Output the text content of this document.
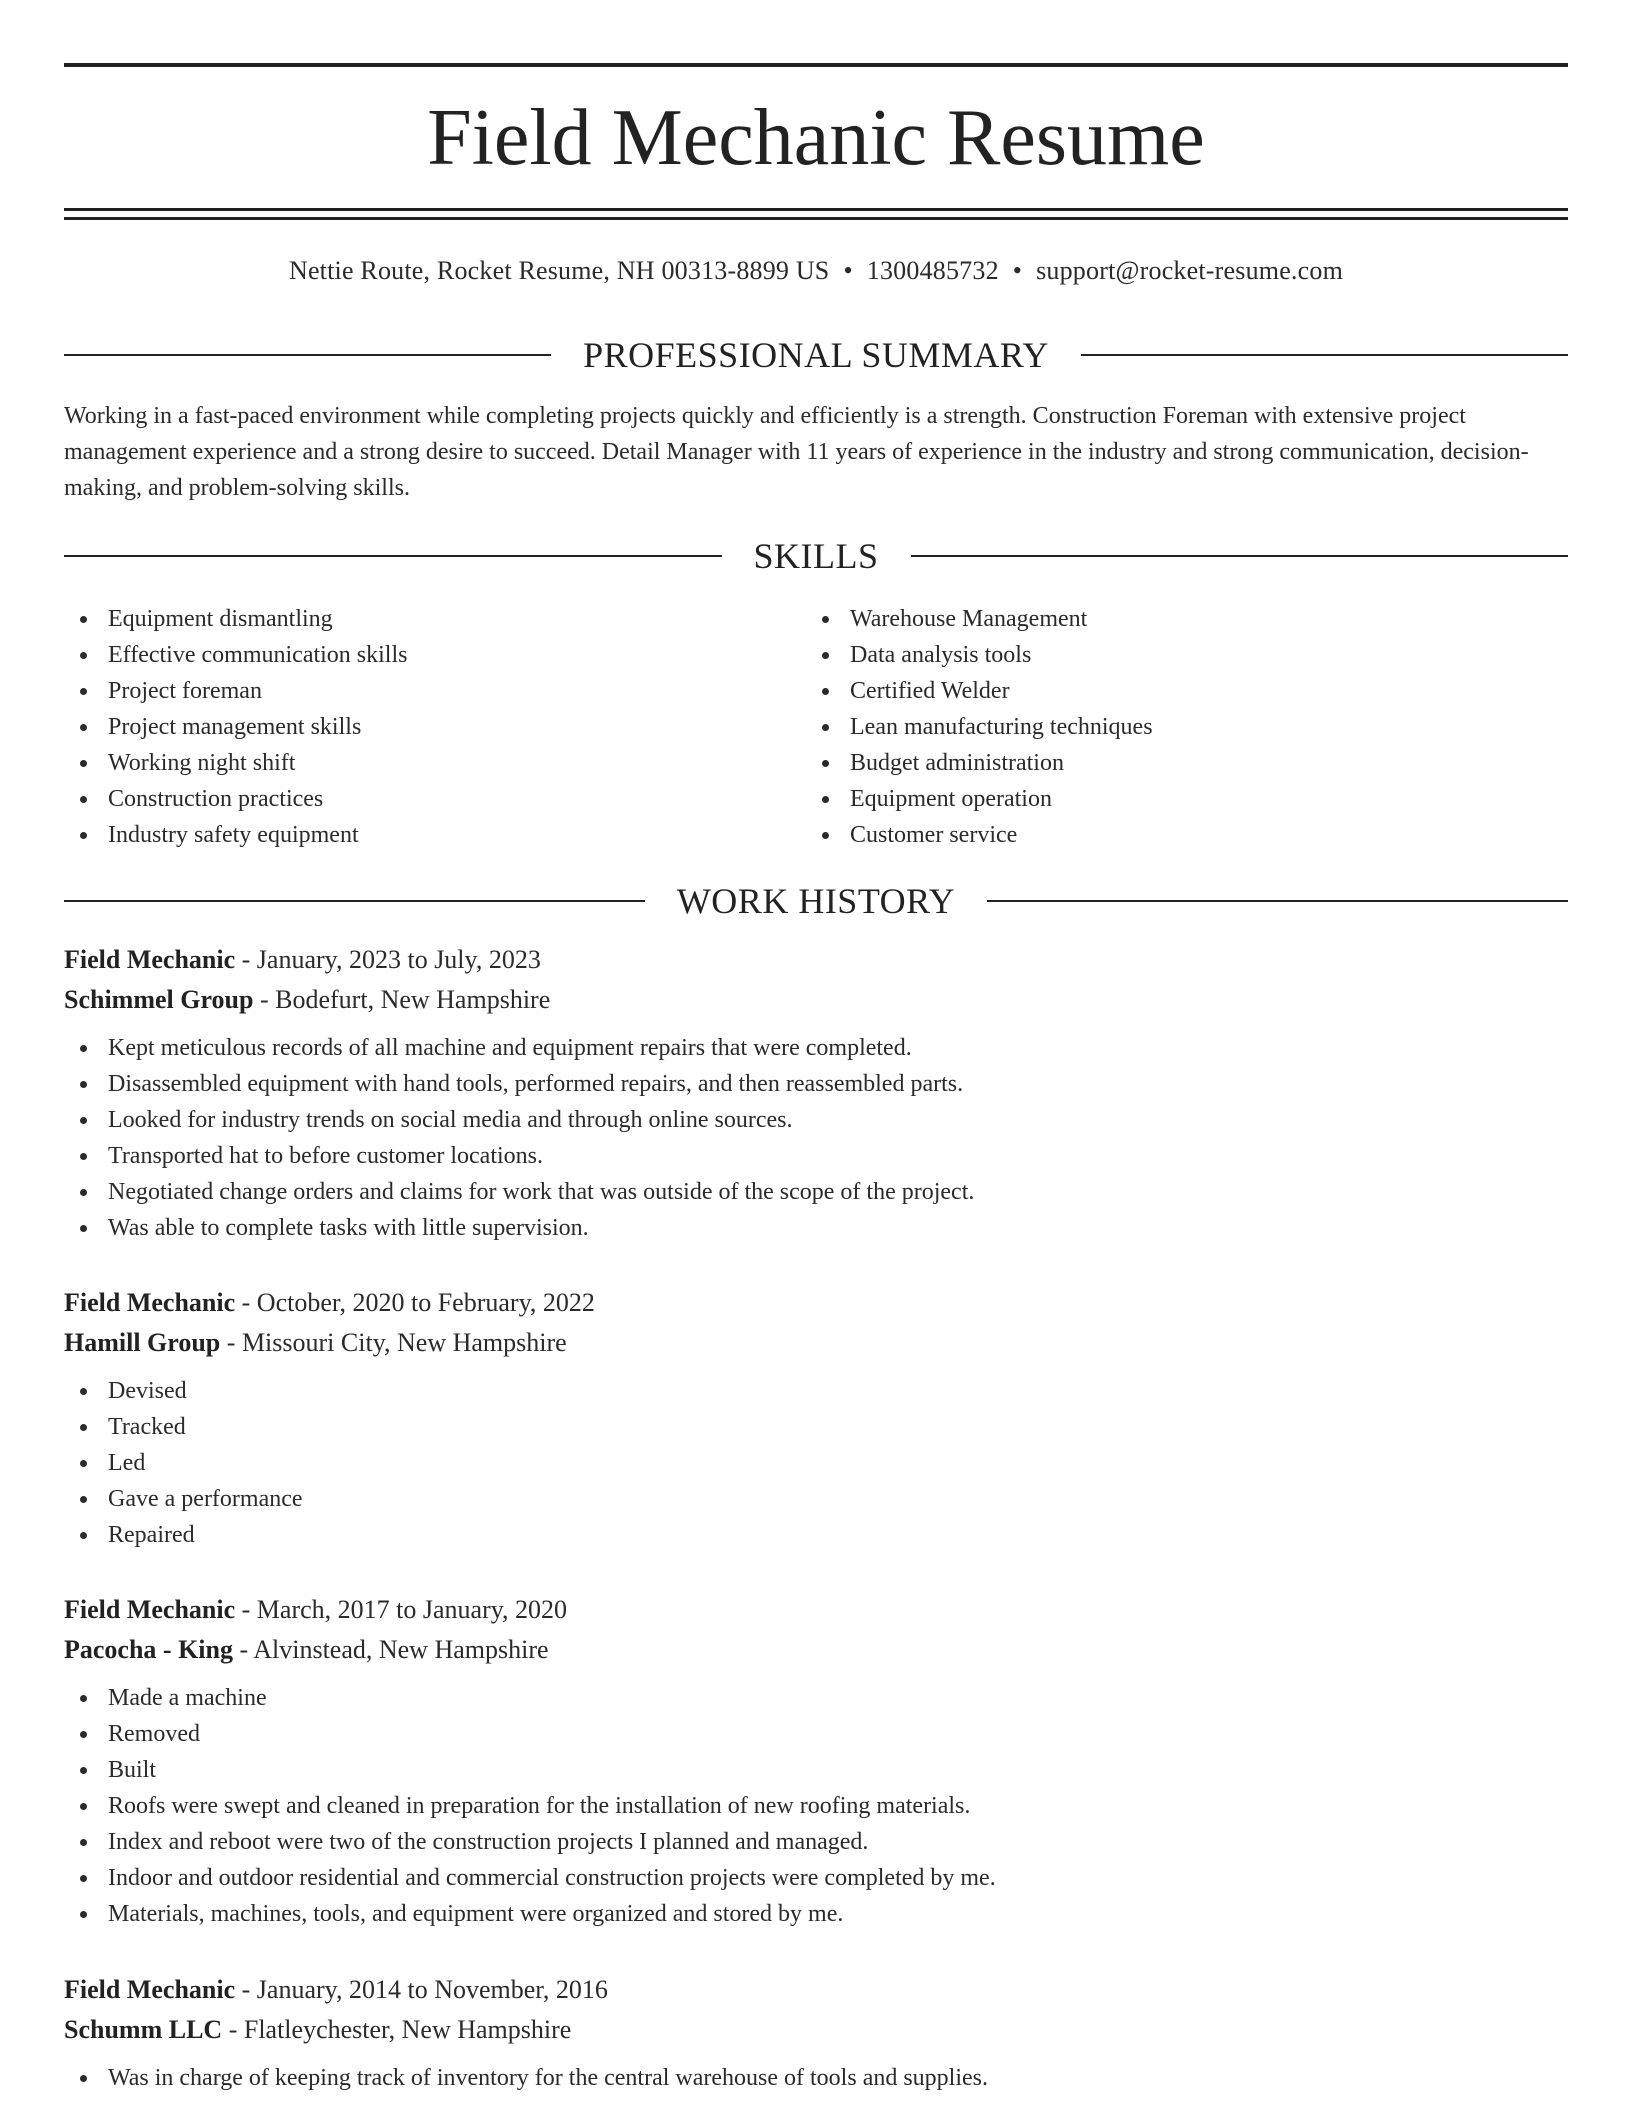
Field Mechanic Resume
Nettie Route, Rocket Resume, NH 00313-8899 US • 1300485732 • support@rocket-resume.com
PROFESSIONAL SUMMARY

Working in a fast-paced environment while completing projects quickly and efficiently is a strength. Construction Foreman with extensive project management experience and a strong desire to succeed. Detail Manager with 11 years of experience in the industry and strong communication, decision-making, and problem-solving skills.

SKILLS
Equipment dismantling
Effective communication skills
Project foreman
Project management skills
Working night shift
Construction practices
Industry safety equipment
Warehouse Management
Data analysis tools
Certified Welder
Lean manufacturing techniques
Budget administration
Equipment operation
Customer service
WORK HISTORY
Field Mechanic - January, 2023 to July, 2023
Schimmel Group - Bodefurt, New Hampshire
Kept meticulous records of all machine and equipment repairs that were completed.
Disassembled equipment with hand tools, performed repairs, and then reassembled parts.
Looked for industry trends on social media and through online sources.
Transported hat to before customer locations.
Negotiated change orders and claims for work that was outside of the scope of the project.
Was able to complete tasks with little supervision.
Field Mechanic - October, 2020 to February, 2022
Hamill Group - Missouri City, New Hampshire
Devised
Tracked
Led
Gave a performance
Repaired
Field Mechanic - March, 2017 to January, 2020
Pacocha - King - Alvinstead, New Hampshire
Made a machine
Removed
Built
Roofs were swept and cleaned in preparation for the installation of new roofing materials.
Index and reboot were two of the construction projects I planned and managed.
Indoor and outdoor residential and commercial construction projects were completed by me.
Materials, machines, tools, and equipment were organized and stored by me.
Field Mechanic - January, 2014 to November, 2016
Schumm LLC - Flatleychester, New Hampshire
Was in charge of keeping track of inventory for the central warehouse of tools and supplies.
